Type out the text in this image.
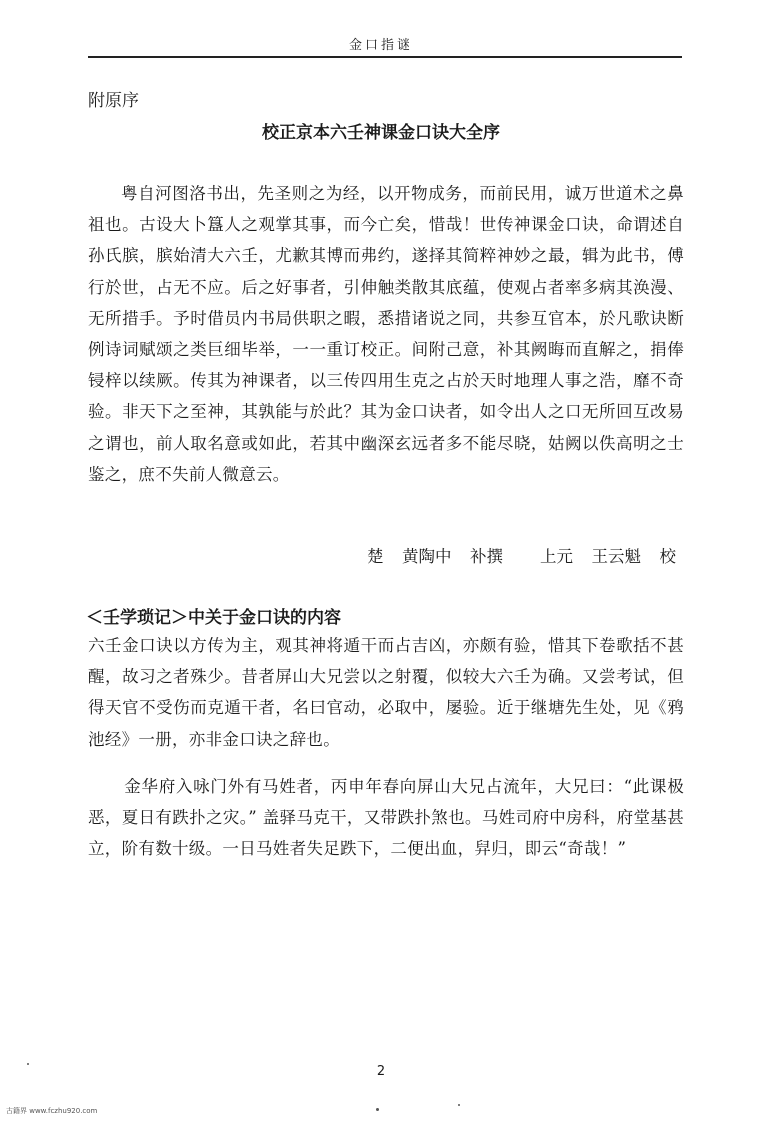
金口指谜
附原序
校正京本六壬神课金口诀大全序
粤自河图洛书出，先圣则之为经，以开物成务，而前民用，诚万世道术之鼻祖也。古设大卜簋人之观掌其事，而今亡矣，惜哉！世传神课金口诀，命谓述自孙氏膑，膑始清大六壬，尤歉其博而弗约，遂择其简粹神妙之最，辑为此书，傅行於世，占无不应。后之好事者，引伸触类散其底蕴，使观占者率多病其涣漫、无所措手。予时借员内书局供职之暇，悉措诸说之同，共参互官本，於凡歌诀断例诗词赋颂之类巨细毕举，一一重订校正。间附己意，补其阙晦而直解之，捐俸锓梓以续厥。传其为神课者，以三传四用生克之占於天时地理人事之浩，靡不奇验。非天下之至神，其孰能与於此？其为金口诀者，如令出人之口无所回互改易之谓也，前人取名意或如此，若其中幽深玄远者多不能尽晓，姑阙以佚高明之士鉴之，庶不失前人微意云。
楚  黄陶中  补撰    上元  王云魁  校
＜壬学琐记＞中关于金口诀的内容
六壬金口诀以方传为主，观其神将遁干而占吉凶，亦颇有验，惜其下卷歌括不甚醒，故习之者殊少。昔者屏山大兄尝以之射覆，似较大六壬为确。又尝考试，但得天官不受伤而克遁干者，名曰官动，必取中，屡验。近于继塘先生处，见《鸦池经》一册，亦非金口诀之辞也。
金华府入咏门外有马姓者，丙申年春向屏山大兄占流年，大兄曰：“此课极恶，夏日有跌扑之灾。” 盖驿马克干，又带跌扑煞也。马姓司府中房科，府堂基甚立，阶有数十级。一日马姓者失足跌下，二便出血，舁归，即云“奇哉！”
2
古籍界 www.fczhu920.com
